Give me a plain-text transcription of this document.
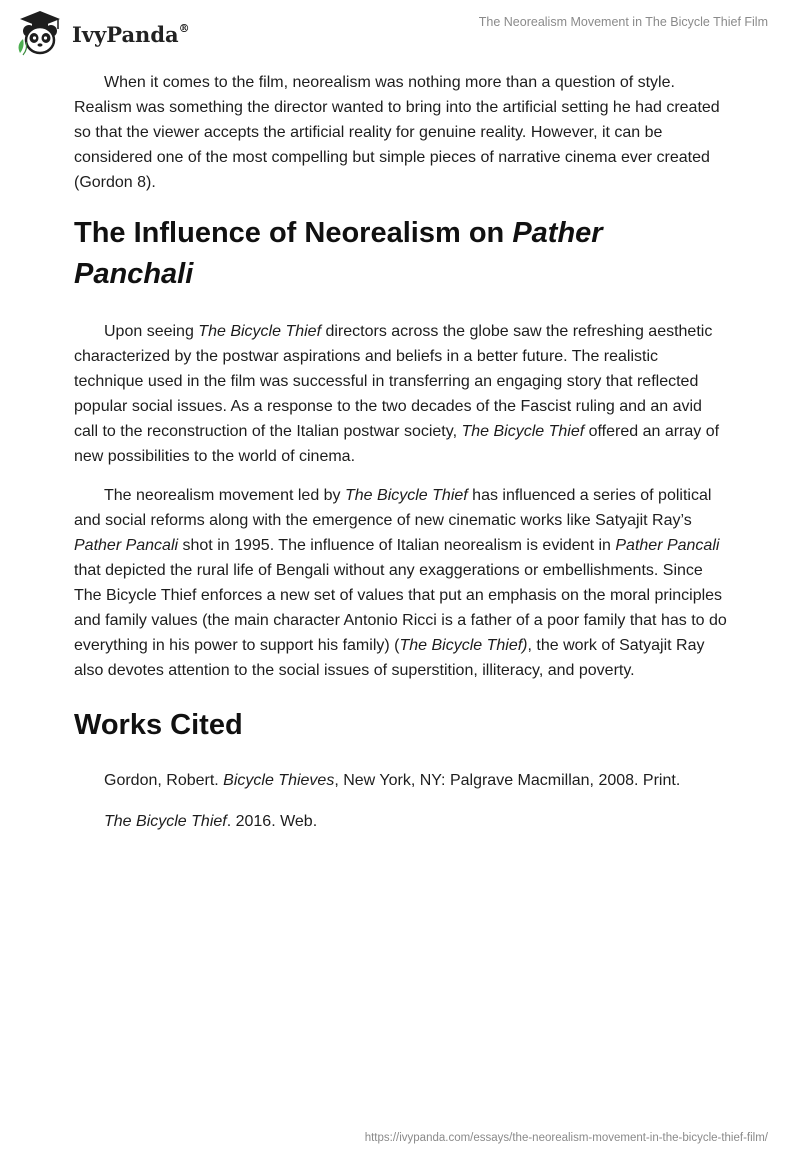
IvyPanda®	The Neorealism Movement in The Bicycle Thief Film

When it comes to the film, neorealism was nothing more than a question of style. Realism was something the director wanted to bring into the artificial setting he had created so that the viewer accepts the artificial reality for genuine reality. However, it can be considered one of the most compelling but simple pieces of narrative cinema ever created (Gordon 8).

The Influence of Neorealism on Pather Panchali

Upon seeing The Bicycle Thief directors across the globe saw the refreshing aesthetic characterized by the postwar aspirations and beliefs in a better future. The realistic technique used in the film was successful in transferring an engaging story that reflected popular social issues. As a response to the two decades of the Fascist ruling and an avid call to the reconstruction of the Italian postwar society, The Bicycle Thief offered an array of new possibilities to the world of cinema.

The neorealism movement led by The Bicycle Thief has influenced a series of political and social reforms along with the emergence of new cinematic works like Satyajit Ray’s Pather Pancali shot in 1995. The influence of Italian neorealism is evident in Pather Pancali that depicted the rural life of Bengali without any exaggerations or embellishments. Since The Bicycle Thief enforces a new set of values that put an emphasis on the moral principles and family values (the main character Antonio Ricci is a father of a poor family that has to do everything in his power to support his family) (The Bicycle Thief), the work of Satyajit Ray also devotes attention to the social issues of superstition, illiteracy, and poverty.

Works Cited
Gordon, Robert. Bicycle Thieves, New York, NY: Palgrave Macmillan, 2008. Print.
The Bicycle Thief. 2016. Web.
https://ivypanda.com/essays/the-neorealism-movement-in-the-bicycle-thief-film/
